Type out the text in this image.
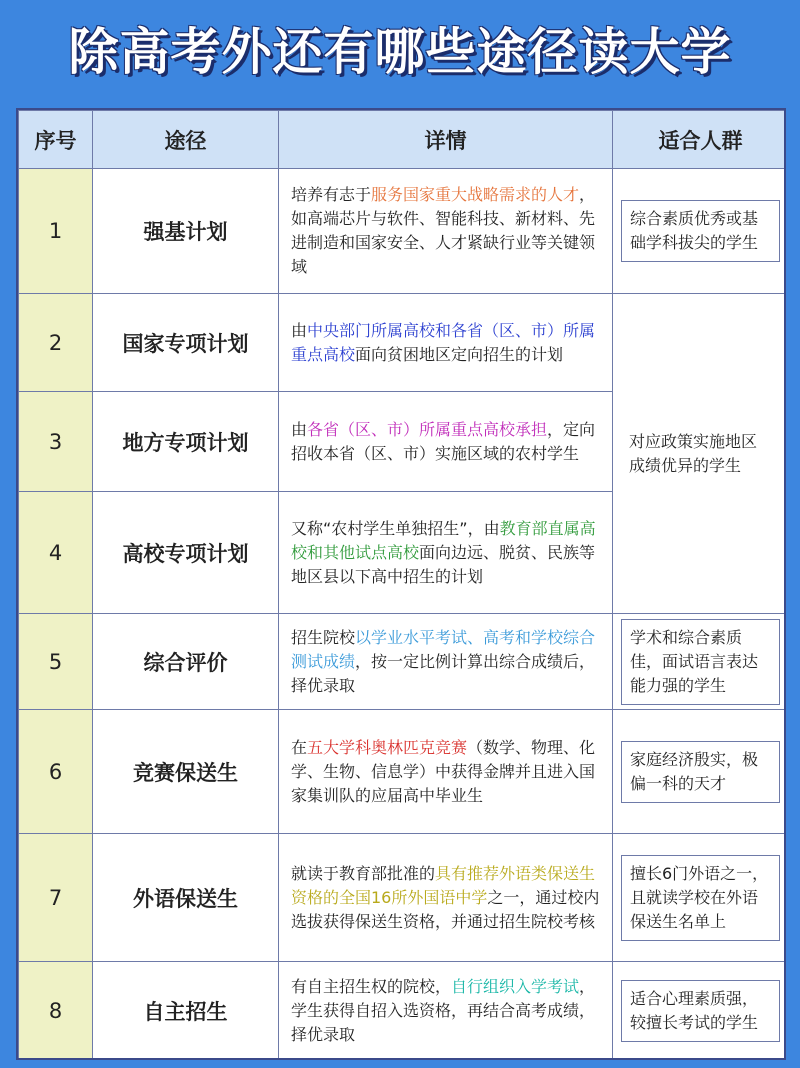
除高考外还有哪些途径读大学
序号	途径	详情	适合人群
1	强基计划	培养有志于服务国家重大战略需求的人才，如高端芯片与软件、智能科技、新材料、先进制造和国家安全、人才紧缺行业等关键领域	综合素质优秀或基础学科拔尖的学生

2	国家专项计划	由中央部门所属高校和各省（区、市）所属重点高校面向贫困地区定向招生的计划	对应政策实施地区成绩优异的学生

3	地方专项计划	由各省（区、市）所属重点高校承担，定向招收本省（区、市）实施区域的农村学生	
4	高校专项计划	又称“农村学生单独招生”，由教育部直属高校和其他试点高校面向边远、脱贫、民族等地区县以下高中招生的计划	
5	综合评价	招生院校以学业水平考试、高考和学校综合测试成绩，按一定比例计算出综合成绩后，择优录取	学术和综合素质佳，面试语言表达能力强的学生

6	竞赛保送生	在五大学科奥林匹克竞赛（数学、物理、化学、生物、信息学）中获得金牌并且进入国家集训队的应届高中毕业生	家庭经济殷实，极偏一科的天才

7	外语保送生	就读于教育部批准的具有推荐外语类保送生资格的全国16所外国语中学之一，通过校内选拔获得保送生资格，并通过招生院校考核	擅长6门外语之一，且就读学校在外语保送生名单上

8	自主招生	有自主招生权的院校，自行组织入学考试，学生获得自招入选资格，再结合高考成绩，择优录取	适合心理素质强，较擅长考试的学生
